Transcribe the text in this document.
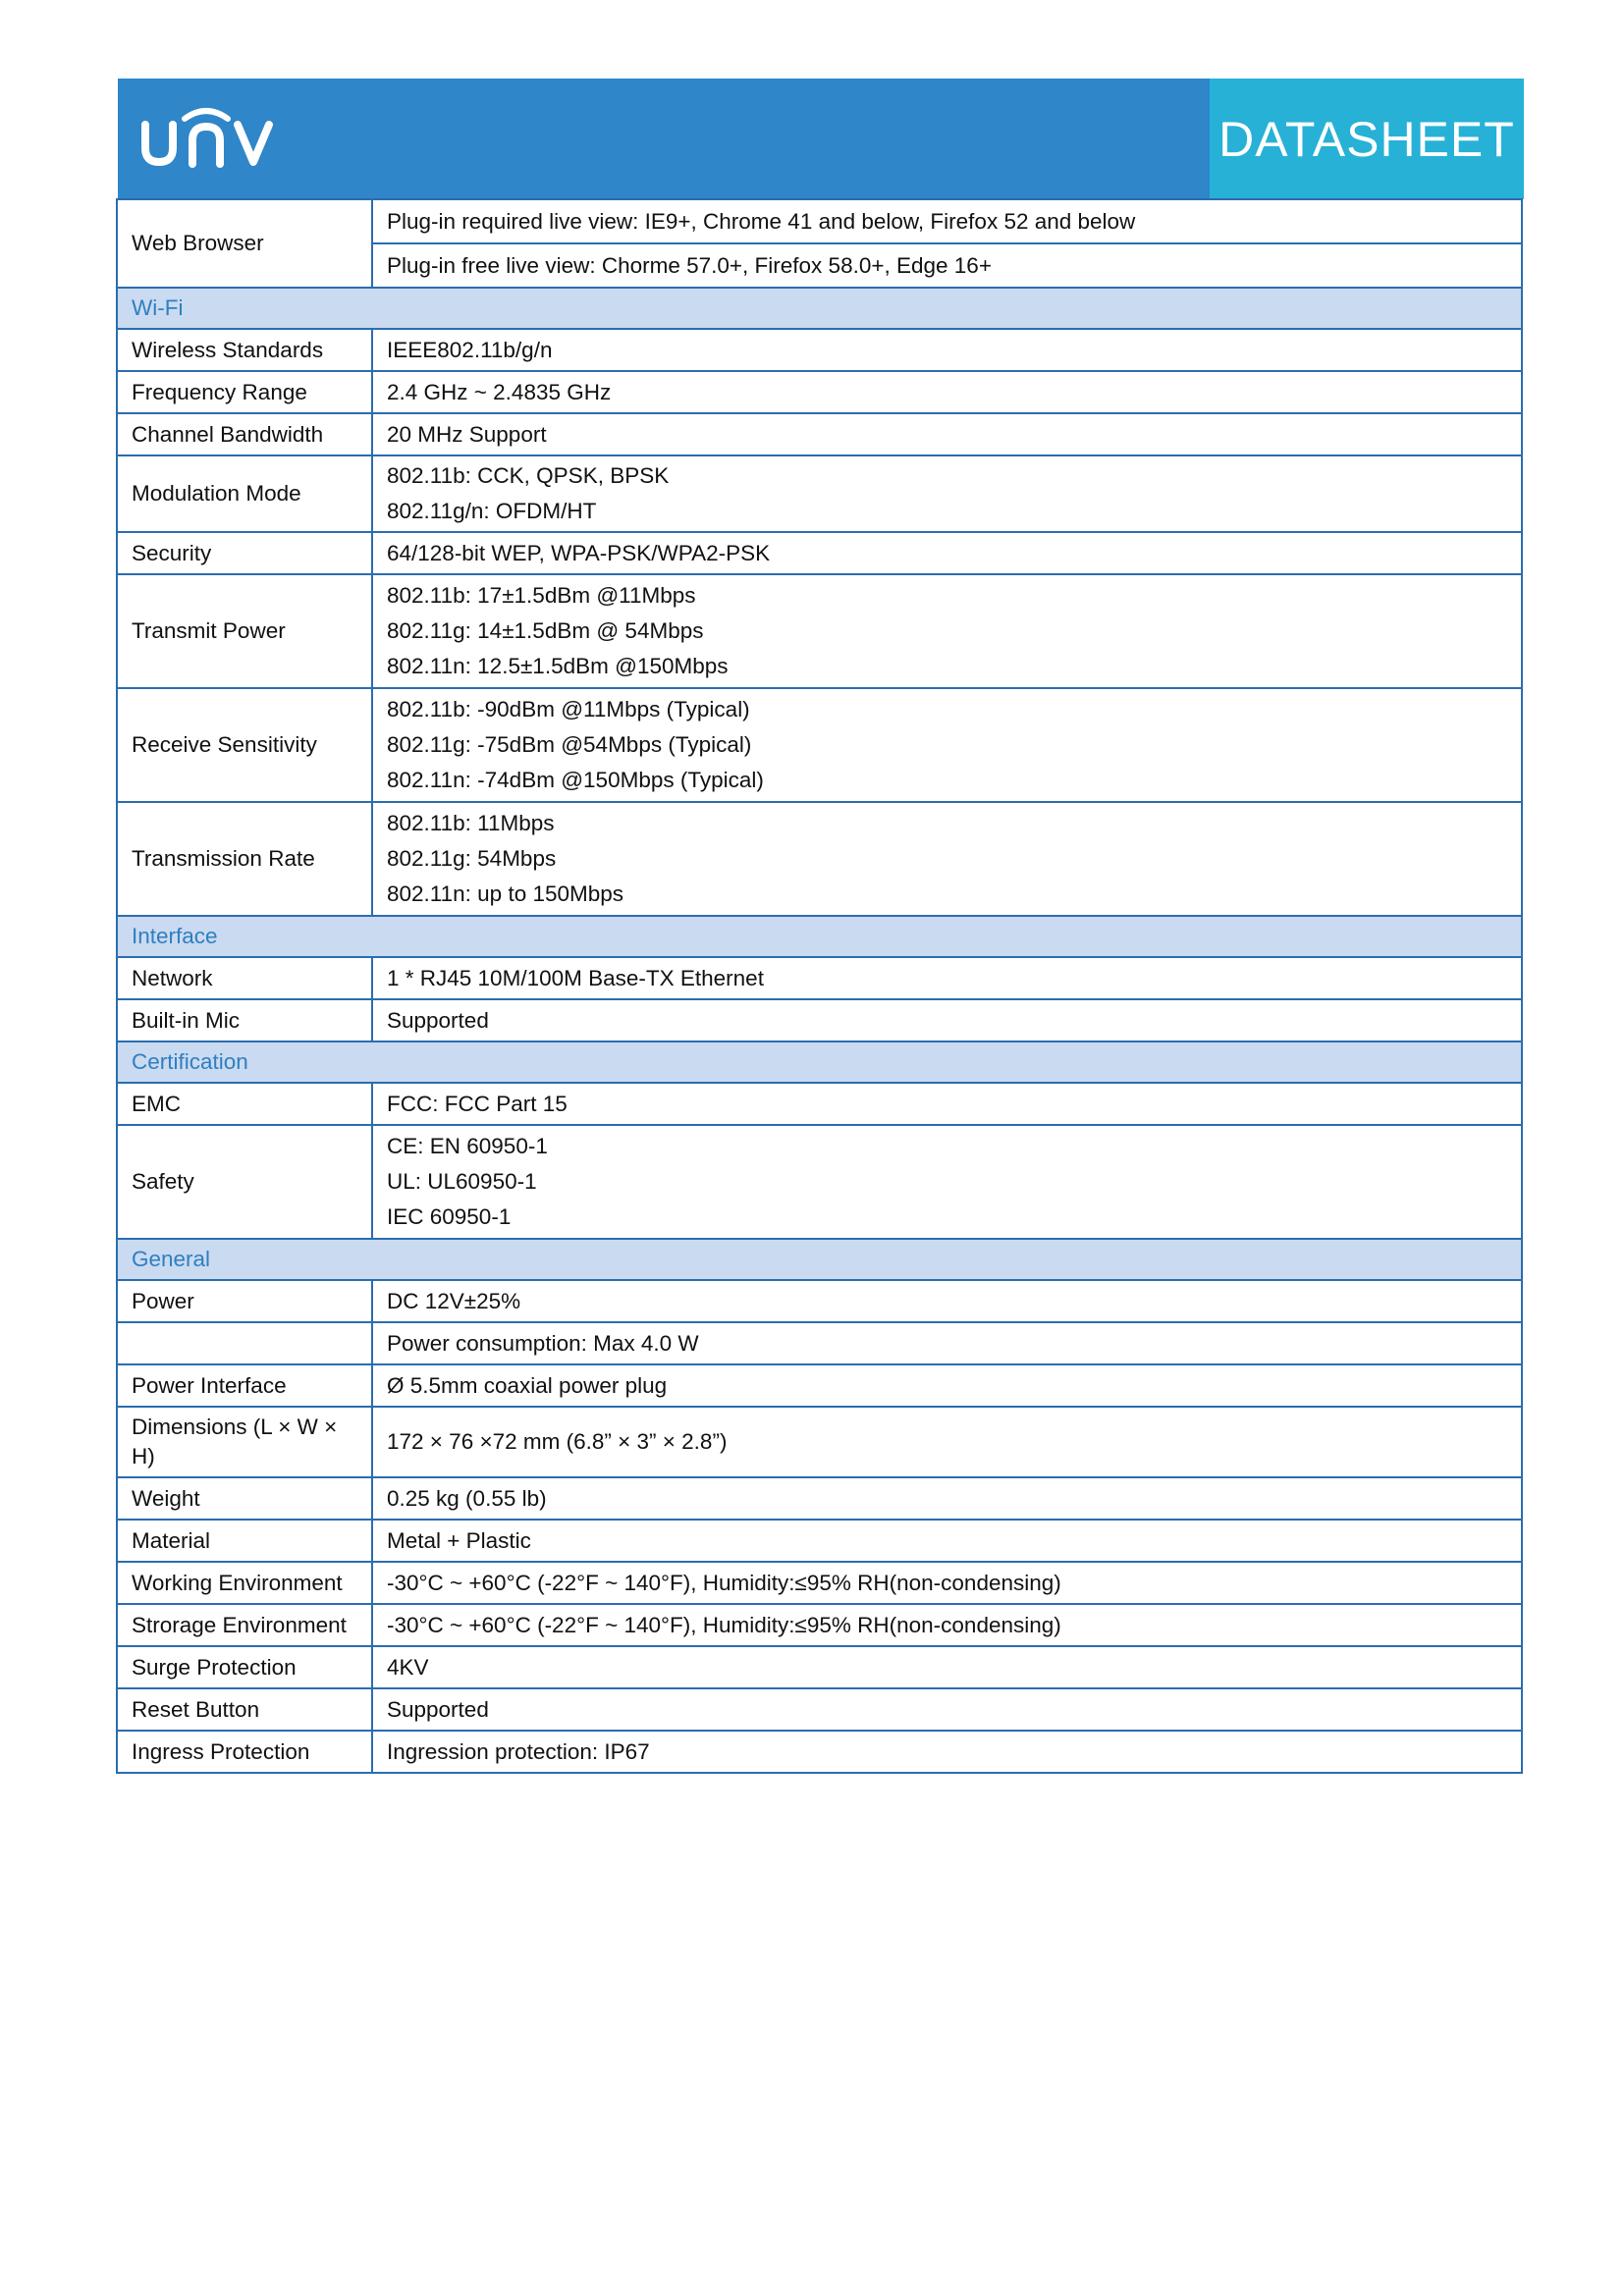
DATASHEET
Web Browser	Plug-in required live view: IE9+, Chrome 41 and below, Firefox 52 and below
	Plug-in free live view: Chorme 57.0+, Firefox 58.0+, Edge 16+
Wi-Fi	
Wireless Standards	IEEE802.11b/g/n

Frequency Range	2.4 GHz ~ 2.4835 GHz

Channel Bandwidth	20 MHz Support

Modulation Mode	802.11b: CCK, QPSK, BPSK
802.11g/n: OFDM/HT

Security	64/128-bit WEP, WPA-PSK/WPA2-PSK

Transmit Power	802.11b: 17±1.5dBm @11Mbps
802.11g: 14±1.5dBm @ 54Mbps
802.11n: 12.5±1.5dBm @150Mbps

Receive Sensitivity	802.11b: -90dBm @11Mbps (Typical)
802.11g: -75dBm @54Mbps (Typical)
802.11n: -74dBm @150Mbps (Typical)

Transmission Rate	802.11b: 11Mbps
802.11g: 54Mbps
802.11n: up to 150Mbps

Interface	
Network	1 * RJ45 10M/100M Base-TX Ethernet

Built-in Mic	Supported

Certification	
EMC	FCC: FCC Part 15

Safety	CE: EN 60950-1
UL: UL60950-1
IEC 60950-1

General	
Power	DC 12V±25%

	Power consumption: Max 4.0 W

Power Interface	Ø 5.5mm coaxial power plug

Dimensions (L × W × H)	172 × 76 ×72 mm (6.8” × 3” × 2.8”)

Weight	0.25 kg (0.55 lb)

Material	Metal + Plastic

Working Environment	-30°C ~ +60°C (-22°F ~ 140°F), Humidity:≤95% RH(non-condensing)

Strorage Environment	-30°C ~ +60°C (-22°F ~ 140°F), Humidity:≤95% RH(non-condensing)

Surge Protection	4KV

Reset Button	Supported

Ingress Protection	Ingression protection: IP67
